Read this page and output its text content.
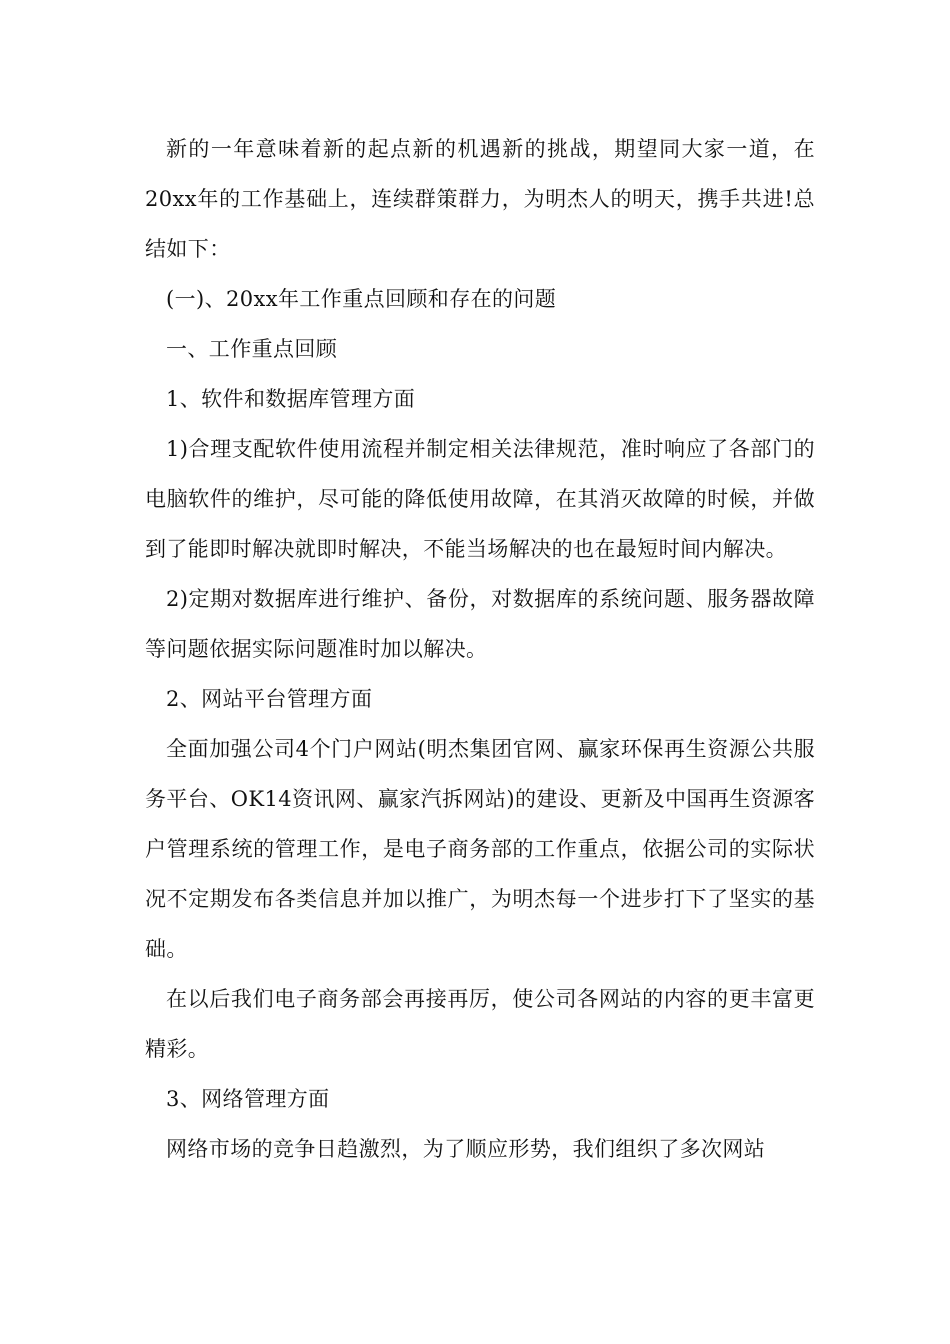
新的一年意味着新的起点新的机遇新的挑战，期望同大家一道，在20xx年的工作基础上，连续群策群力，为明杰人的明天，携手共进!总结如下：

(一)、20xx年工作重点回顾和存在的问题

一、工作重点回顾

1、软件和数据库管理方面

1)合理支配软件使用流程并制定相关法律规范，准时响应了各部门的电脑软件的维护，尽可能的降低使用故障，在其消灭故障的时候，并做到了能即时解决就即时解决，不能当场解决的也在最短时间内解决。

2)定期对数据库进行维护、备份，对数据库的系统问题、服务器故障等问题依据实际问题准时加以解决。

2、网站平台管理方面

全面加强公司4个门户网站(明杰集团官网、赢家环保再生资源公共服务平台、OK14资讯网、赢家汽拆网站)的建设、更新及中国再生资源客户管理系统的管理工作，是电子商务部的工作重点，依据公司的实际状况不定期发布各类信息并加以推广，为明杰每一个进步打下了坚实的基础。

在以后我们电子商务部会再接再厉，使公司各网站的内容的更丰富更精彩。

3、网络管理方面

网络市场的竞争日趋激烈，为了顺应形势，我们组织了多次网站
